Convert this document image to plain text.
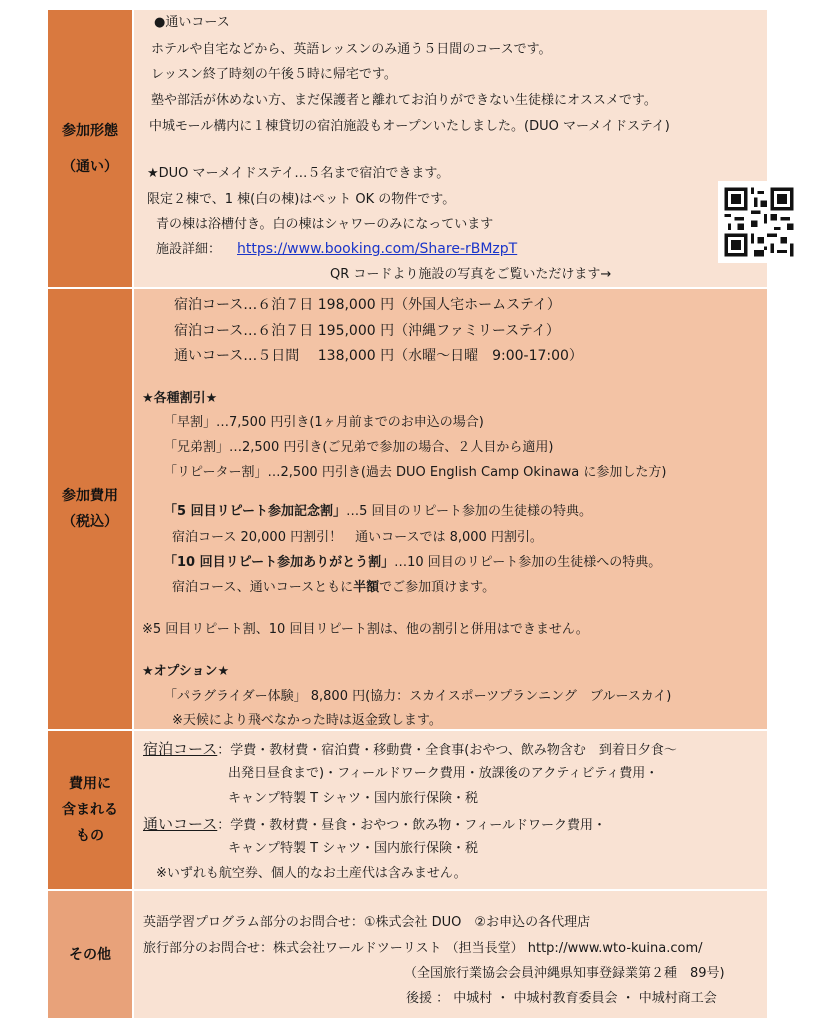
参加形態
（通い）
●通いコース
ホテルや自宅などから、英語レッスンのみ通う５日間のコースです。
レッスン終了時刻の午後５時に帰宅です。
塾や部活が休めない方、まだ保護者と離れてお泊りができない生徒様にオススメです。
中城モール構内に１棟貸切の宿泊施設もオープンいたしました。(DUO マーメイドステイ)
★DUO マーメイドステイ…５名まで宿泊できます。
限定２棟で、1 棟(白の棟)はペット OK の物件です。
青の棟は浴槽付き。白の棟はシャワーのみになっています
施設詳細： https://www.booking.com/Share-rBMzpT
QR コードより施設の写真をご覧いただけます→
参加費用
（税込）
宿泊コース…６泊７日 198,000 円（外国人宅ホームステイ）
宿泊コース…６泊７日 195,000 円（沖縄ファミリーステイ）
通いコース…５日間　 138,000 円（水曜～日曜　9:00-17:00）
★各種割引★
「早割」…7,500 円引き(1ヶ月前までのお申込の場合)
「兄弟割」…2,500 円引き(ご兄弟で参加の場合、２人目から適用)
「リピーター割」…2,500 円引き(過去 DUO English Camp Okinawa に参加した方)
「5 回目リピート参加記念割」…5 回目のリピート参加の生徒様の特典。
宿泊コース 20,000 円割引！　通いコースでは 8,000 円割引。
「10 回目リピート参加ありがとう割」…10 回目のリピート参加の生徒様への特典。
宿泊コース、通いコースともに半額でご参加頂けます。
※5 回目リピート割、10 回目リピート割は、他の割引と併用はできません。
★オプション★
「パラグライダー体験」 8,800 円(協力：スカイスポーツプランニング　ブルースカイ)
※天候により飛べなかった時は返金致します。
費用に
含まれる
もの
宿泊コース：学費・教材費・宿泊費・移動費・全食事(おやつ、飲み物含む　到着日夕食～
出発日昼食まで)・フィールドワーク費用・放課後のアクティビティ費用・
キャンプ特製 T シャツ・国内旅行保険・税
通いコース：学費・教材費・昼食・おやつ・飲み物・フィールドワーク費用・
キャンプ特製 T シャツ・国内旅行保険・税
※いずれも航空券、個人的なお土産代は含みません。
その他
英語学習プログラム部分のお問合せ：①株式会社 DUO　②お申込の各代理店
旅行部分のお問合せ：株式会社ワールドツーリスト （担当長堂） http://www.wto-kuina.com/
（全国旅行業協会会員沖縄県知事登録業第２種　89号)
後援 ： 中城村 ・ 中城村教育委員会 ・ 中城村商工会
